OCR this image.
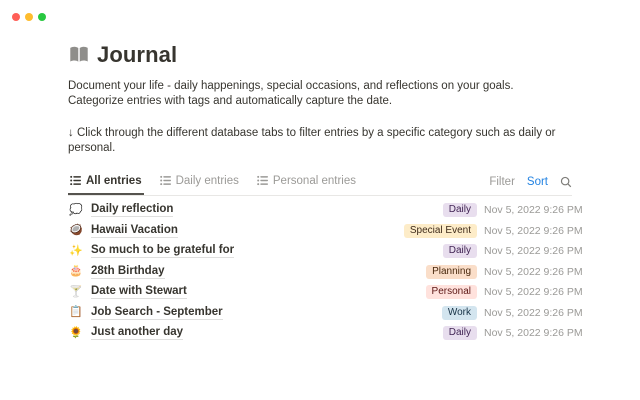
Journal

Document your life - daily happenings, special occasions, and reflections on your goals.
Categorize entries with tags and automatically capture the date.

↓ Click through the different database tabs to filter entries by a specific category such as daily or personal.

All entries	Daily entries	Personal entries	Filter Sort
💭 Daily reflection	Daily	Nov 5, 2022 9:26 PM
🥥 Hawaii Vacation	Special Event	Nov 5, 2022 9:26 PM
✨ So much to be grateful for	Daily	Nov 5, 2022 9:26 PM
🎂 28th Birthday	Planning	Nov 5, 2022 9:26 PM
🍸 Date with Stewart	Personal	Nov 5, 2022 9:26 PM
📋 Job Search - September	Work	Nov 5, 2022 9:26 PM
🌻 Just another day	Daily	Nov 5, 2022 9:26 PM
